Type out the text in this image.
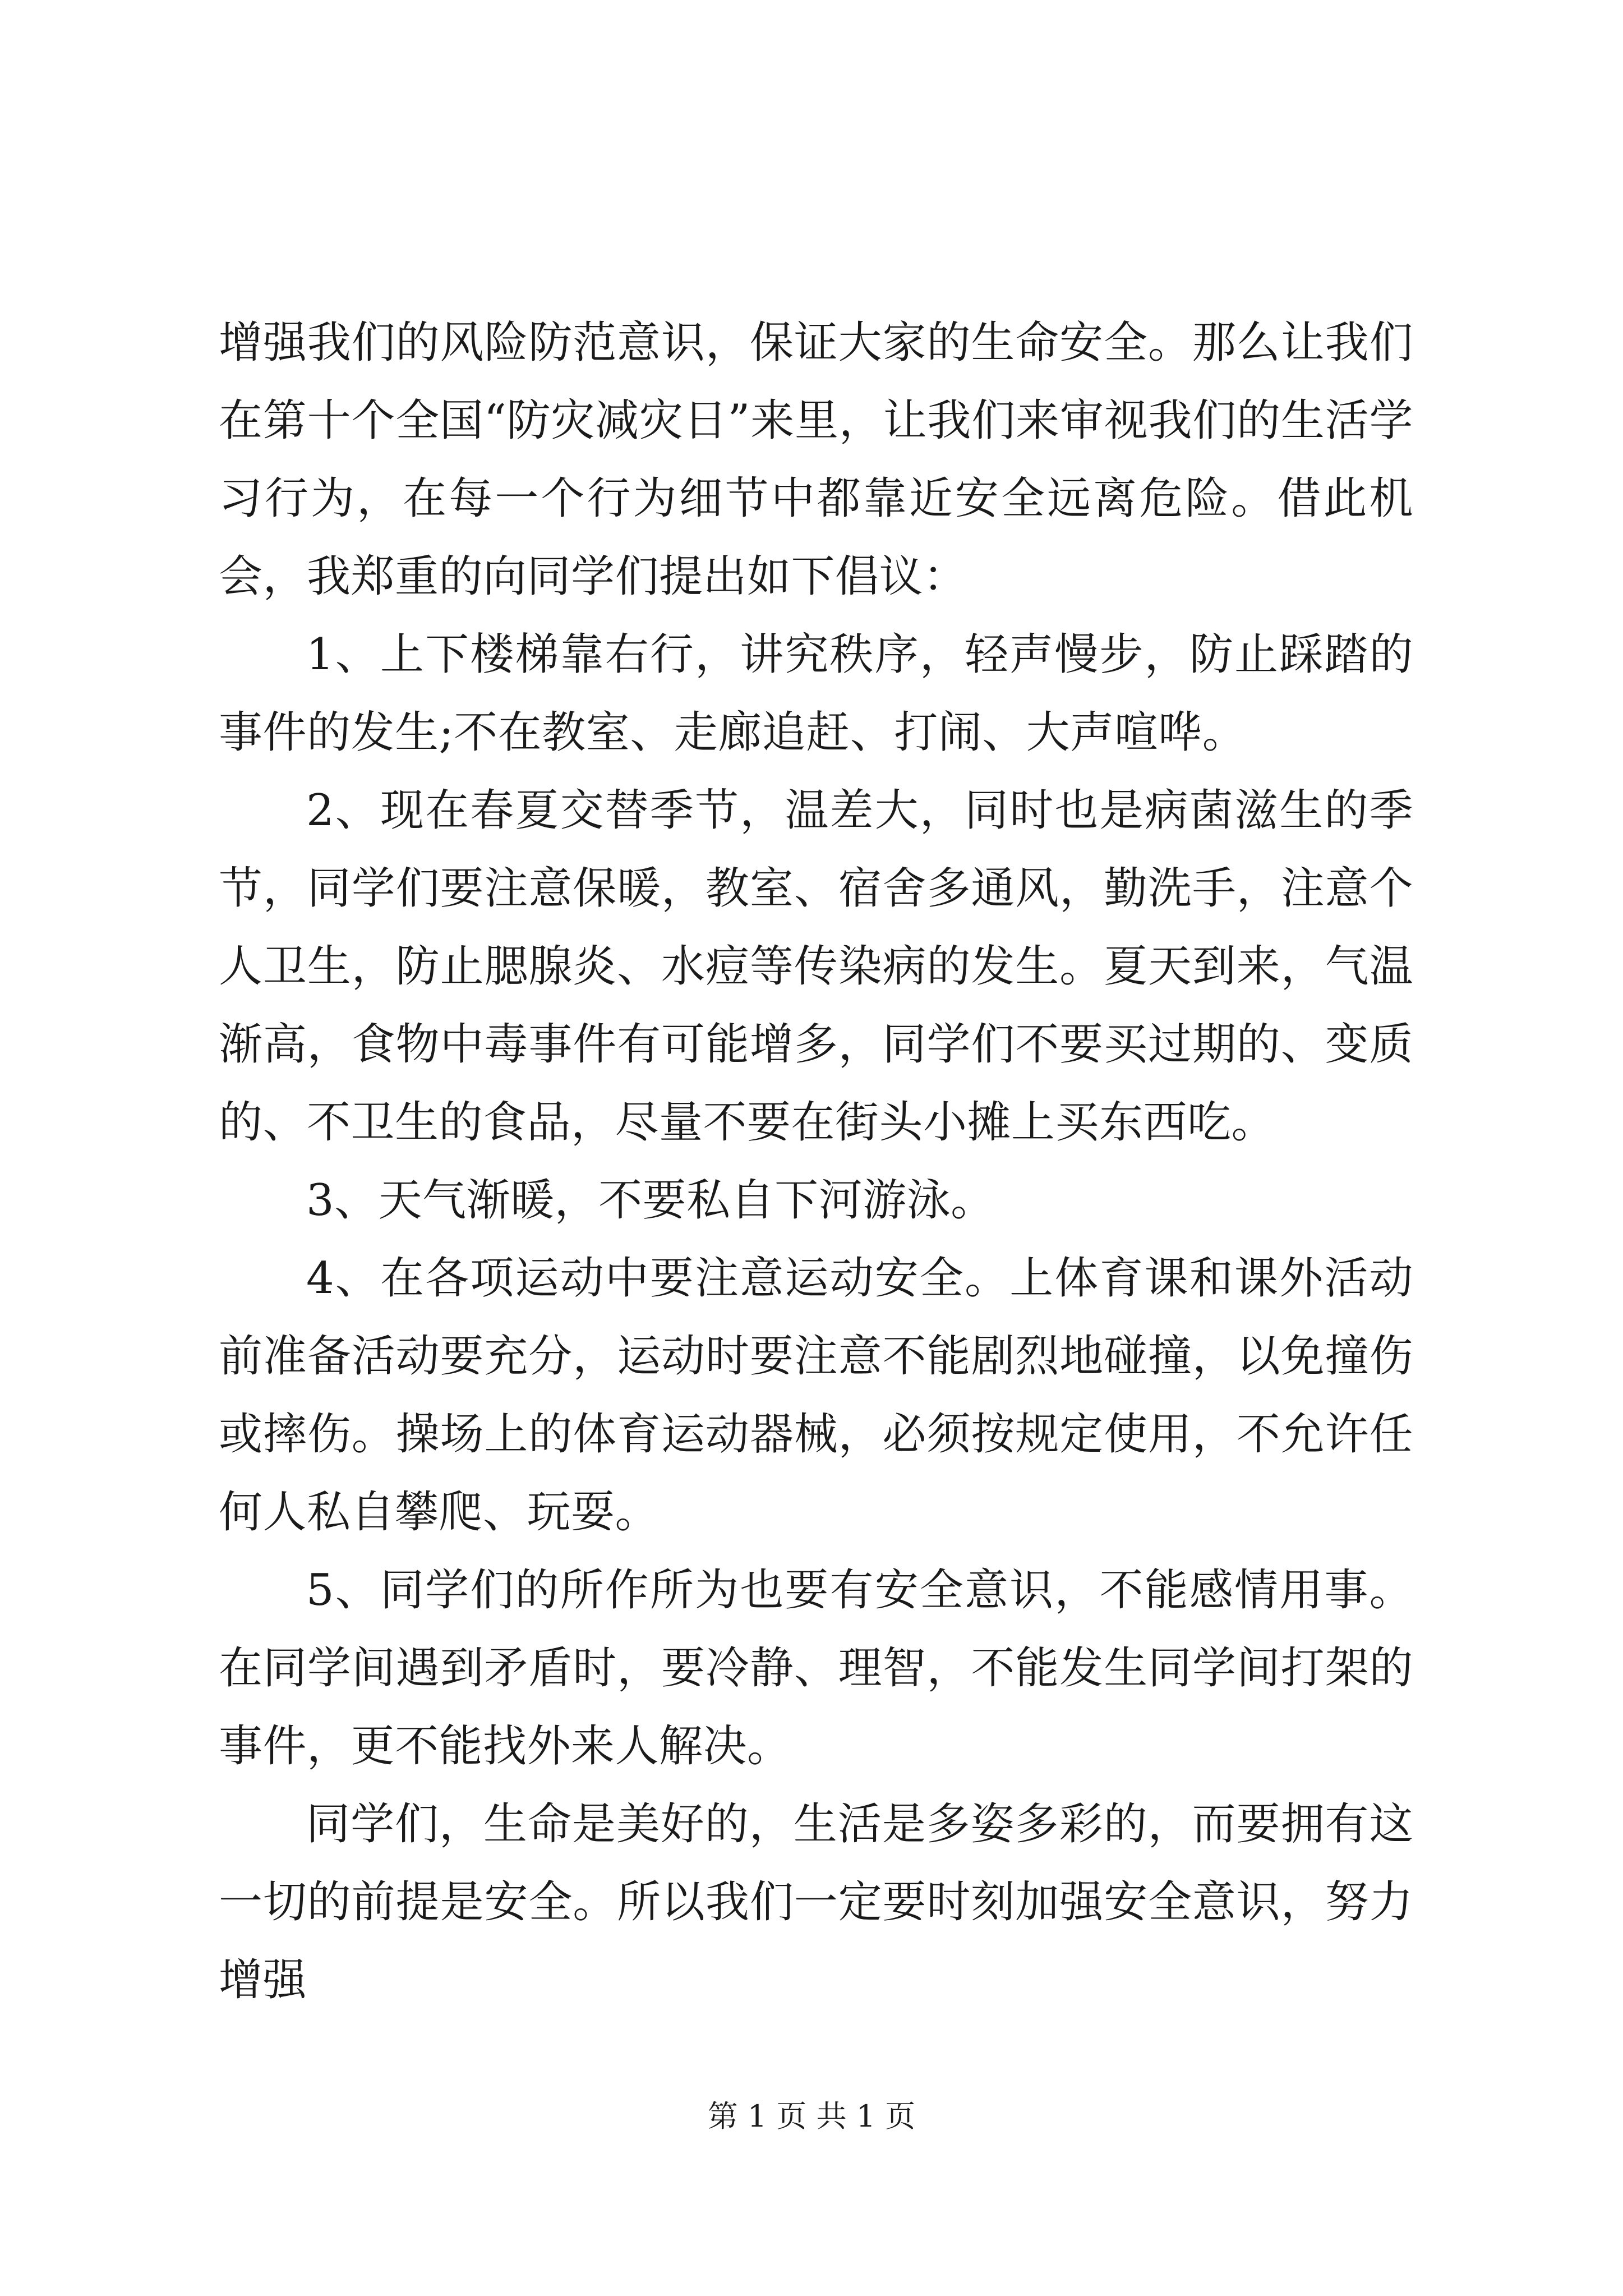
增强我们的风险防范意识，保证大家的生命安全。那么让我们在第十个全国“防灾减灾日”来里，让我们来审视我们的生活学习行为，在每一个行为细节中都靠近安全远离危险。借此机会，我郑重的向同学们提出如下倡议：

1、上下楼梯靠右行，讲究秩序，轻声慢步，防止踩踏的事件的发生;不在教室、走廊追赶、打闹、大声喧哗。

2、现在春夏交替季节，温差大，同时也是病菌滋生的季节，同学们要注意保暖，教室、宿舍多通风，勤洗手，注意个人卫生，防止腮腺炎、水痘等传染病的发生。夏天到来，气温渐高，食物中毒事件有可能增多，同学们不要买过期的、变质的、不卫生的食品，尽量不要在街头小摊上买东西吃。

3、天气渐暖，不要私自下河游泳。

4、在各项运动中要注意运动安全。上体育课和课外活动前准备活动要充分，运动时要注意不能剧烈地碰撞，以免撞伤或摔伤。操场上的体育运动器械，必须按规定使用，不允许任何人私自攀爬、玩耍。

5、同学们的所作所为也要有安全意识，不能感情用事。在同学间遇到矛盾时，要冷静、理智，不能发生同学间打架的事件，更不能找外来人解决。

同学们，生命是美好的，生活是多姿多彩的，而要拥有这一切的前提是安全。所以我们一定要时刻加强安全意识，努力增强

第 1 页 共 1 页
